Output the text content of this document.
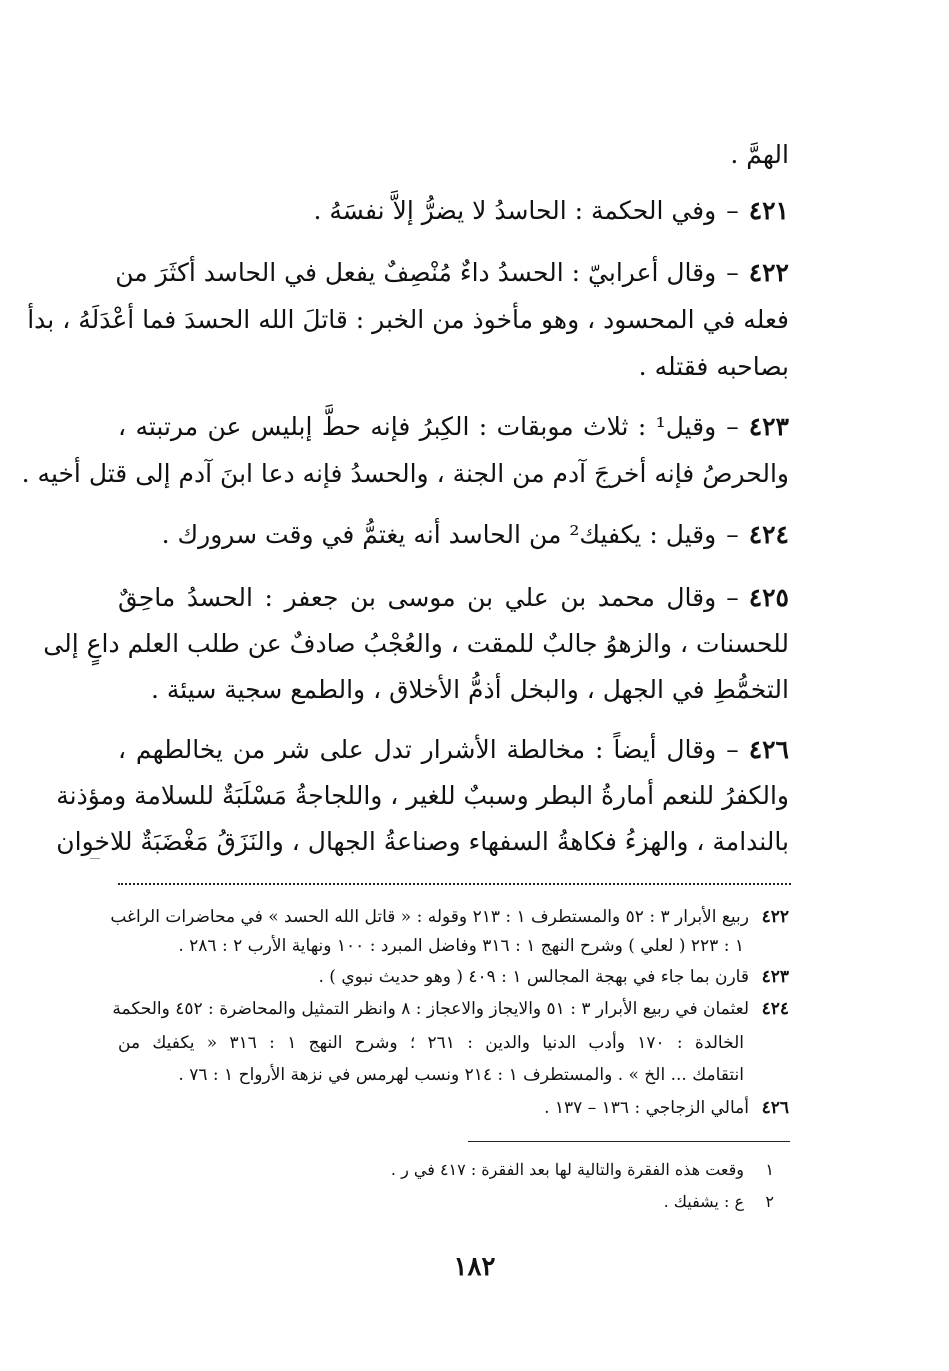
الهمَّ .
٤٢١–وفي الحكمة : الحاسدُ لا يضرُّ إلاَّ نفسَهُ .
٤٢٢–وقال أعرابيّ : الحسدُ داءٌ مُنْصِفٌ يفعل في الحاسد أكثَرَ من
فعله في المحسود ، وهو مأخوذ من الخبر : قاتلَ الله الحسدَ فما أعْدَلَهُ ، بدأ
بصاحبه فقتله .
٤٢٣–وقيل¹ : ثلاث موبقات : الكِبرُ فإنه حطَّ إبليس عن مرتبته ،
والحرصُ فإنه أخرجَ آدم من الجنة ، والحسدُ فإنه دعا ابنَ آدم إلى قتل أخيه .
٤٢٤–وقيل : يكفيك² من الحاسد أنه يغتمُّ في وقت سرورك .
٤٢٥–وقال محمد بن علي بن موسى بن جعفر : الحسدُ ماحِقٌ
للحسنات ، والزهوُ جالبٌ للمقت ، والعُجْبُ صادفٌ عن طلب العلم داعٍ إلى
التخمُّطِ في الجهل ، والبخل أذمُّ الأخلاق ، والطمع سجية سيئة .
٤٢٦–وقال أيضاً : مخالطة الأشرار تدل على شر من يخالطهم ،
والكفرُ للنعم أمارةُ البطر وسببٌ للغير ، واللجاجةُ مَسْلَبَةٌ للسلامة ومؤذنة
بالندامة ، والهزءُ فكاهةُ السفهاء وصناعةُ الجهال ، والنَزَقُ مَغْضَبَةٌ للاخوان
٤٢٢ربيع الأبرار ٣ : ٥٢ والمستطرف ١ : ٢١٣ وقوله : « قاتل الله الحسد » في محاضرات الراغب
١ : ٢٢٣ ( لعلي ) وشرح النهج ١ : ٣١٦ وفاضل المبرد : ١٠٠ ونهاية الأرب ٢ : ٢٨٦ .
٤٢٣قارن بما جاء في بهجة المجالس ١ : ٤٠٩ ( وهو حديث نبوي ) .
٤٢٤لعثمان في ربيع الأبرار ٣ : ٥١ والايجاز والاعجاز : ٨ وانظر التمثيل والمحاضرة : ٤٥٢ والحكمة
الخالدة : ١٧٠ وأدب الدنيا والدين : ٢٦١ ؛ وشرح النهج ١ : ٣١٦ « يكفيك من
انتقامك ... الخ » . والمستطرف ١ : ٢١٤ ونسب لهرمس في نزهة الأرواح ١ : ٧٦ .
٤٢٦أمالي الزجاجي : ١٣٦ – ١٣٧ .
١وقعت هذه الفقرة والتالية لها بعد الفقرة : ٤١٧ في ر .
٢ع : يشفيك .
١٨٢
